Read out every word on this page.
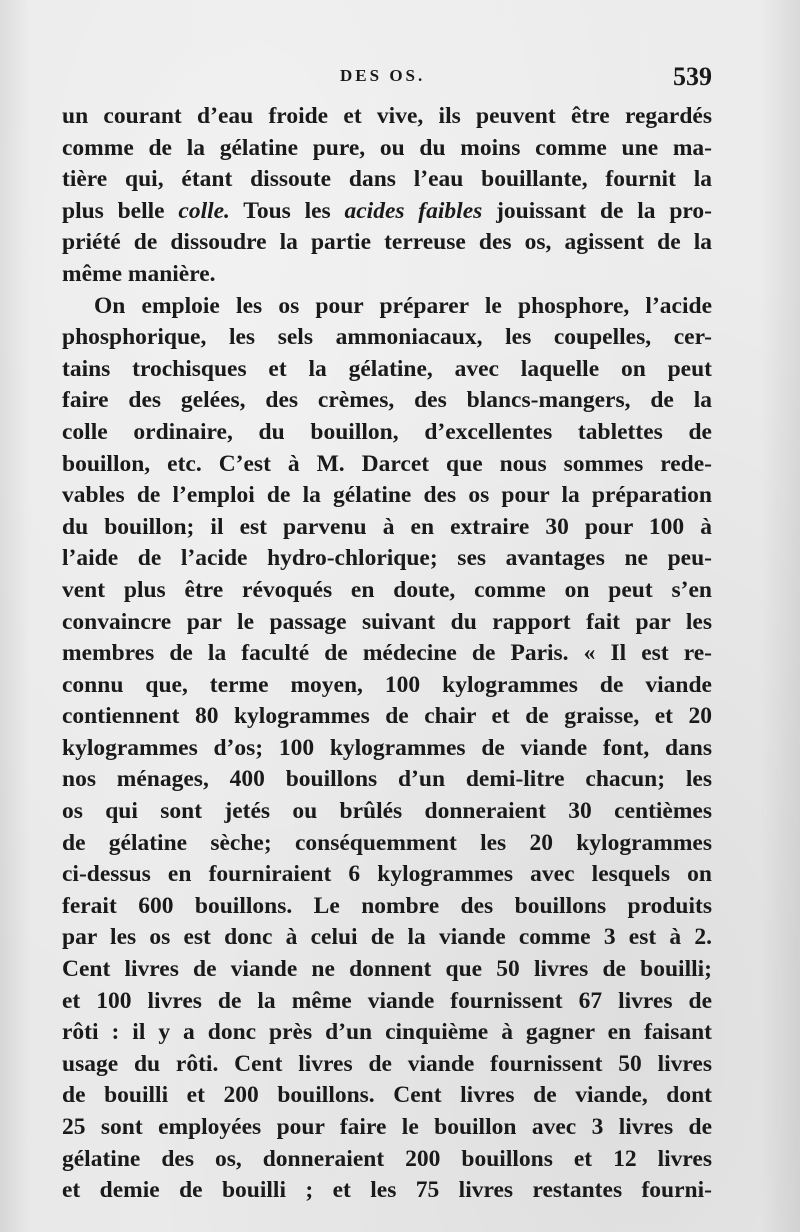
DES OS.	539
un courant d’eau froide et vive, ils peuvent être regardés
comme de la gélatine pure, ou du moins comme une ma-
tière qui, étant dissoute dans l’eau bouillante, fournit la
plus belle colle. Tous les acides faibles jouissant de la pro-
priété de dissoudre la partie terreuse des os, agissent de la
même manière.
On emploie les os pour préparer le phosphore, l’acide
phosphorique, les sels ammoniacaux, les coupelles, cer-
tains trochisques et la gélatine, avec laquelle on peut
faire des gelées, des crèmes, des blancs-mangers, de la
colle ordinaire, du bouillon, d’excellentes tablettes de
bouillon, etc. C’est à M. Darcet que nous sommes rede-
vables de l’emploi de la gélatine des os pour la préparation
du bouillon; il est parvenu à en extraire 30 pour 100 à
l’aide de l’acide hydro-chlorique; ses avantages ne peu-
vent plus être révoqués en doute, comme on peut s’en
convaincre par le passage suivant du rapport fait par les
membres de la faculté de médecine de Paris. « Il est re-
connu que, terme moyen, 100 kylogrammes de viande
contiennent 80 kylogrammes de chair et de graisse, et 20
kylogrammes d’os; 100 kylogrammes de viande font, dans
nos ménages, 400 bouillons d’un demi-litre chacun; les
os qui sont jetés ou brûlés donneraient 30 centièmes
de gélatine sèche; conséquemment les 20 kylogrammes
ci-dessus en fourniraient 6 kylogrammes avec lesquels on
ferait 600 bouillons. Le nombre des bouillons produits
par les os est donc à celui de la viande comme 3 est à 2.
Cent livres de viande ne donnent que 50 livres de bouilli;
et 100 livres de la même viande fournissent 67 livres de
rôti : il y a donc près d’un cinquième à gagner en faisant
usage du rôti. Cent livres de viande fournissent 50 livres
de bouilli et 200 bouillons. Cent livres de viande, dont
25 sont employées pour faire le bouillon avec 3 livres de
gélatine des os, donneraient 200 bouillons et 12 livres
et demie de bouilli ; et les 75 livres restantes fourni-
